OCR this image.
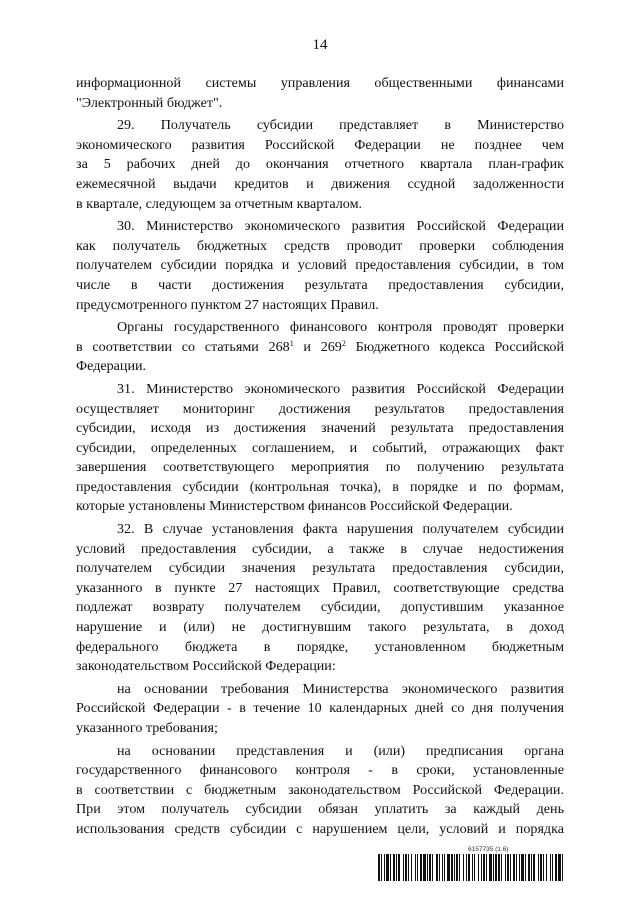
14

информационной системы управления общественными финансами
"Электронный бюджет".

29. Получатель субсидии представляет в Министерство
экономического развития Российской Федерации не позднее чем
за 5 рабочих дней до окончания отчетного квартала план-график
ежемесячной выдачи кредитов и движения ссудной задолженности
в квартале, следующем за отчетным кварталом.

30. Министерство экономического развития Российской Федерации
как получатель бюджетных средств проводит проверки соблюдения
получателем субсидии порядка и условий предоставления субсидии, в том
числе в части достижения результата предоставления субсидии,
предусмотренного пунктом 27 настоящих Правил.

Органы государственного финансового контроля проводят проверки
в соответствии со статьями $268^1$ и $269^2$ Бюджетного кодекса Российской
Федерации.

31. Министерство экономического развития Российской Федерации
осуществляет мониторинг достижения результатов предоставления
субсидии, исходя из достижения значений результата предоставления
субсидии, определенных соглашением, и событий, отражающих факт
завершения соответствующего мероприятия по получению результата
предоставления субсидии (контрольная точка), в порядке и по формам,
которые установлены Министерством финансов Российской Федерации.

32. В случае установления факта нарушения получателем субсидии
условий предоставления субсидии, а также в случае недостижения
получателем субсидии значения результата предоставления субсидии,
указанного в пункте 27 настоящих Правил, соответствующие средства
подлежат возврату получателем субсидии, допустившим указанное
нарушение и (или) не достигнувшим такого результата, в доход
федерального бюджета в порядке, установленном бюджетным
законодательством Российской Федерации:

на основании требования Министерства экономического развития
Российской Федерации - в течение 10 календарных дней со дня получения
указанного требования;

на основании представления и (или) предписания органа
государственного финансового контроля - в сроки, установленные
в соответствии с бюджетным законодательством Российской Федерации.
При этом получатель субсидии обязан уплатить за каждый день
использования средств субсидии с нарушением цели, условий и порядка

6157735 (1.6)
